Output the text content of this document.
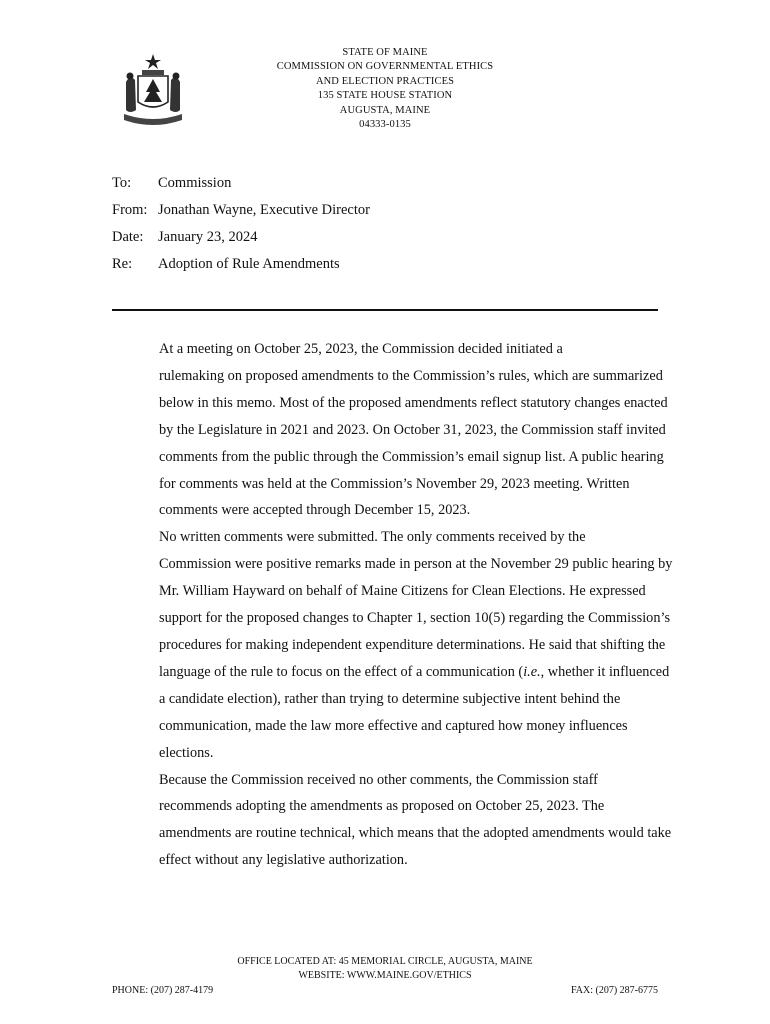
STATE OF MAINE
COMMISSION ON GOVERNMENTAL ETHICS
AND ELECTION PRACTICES
135 STATE HOUSE STATION
AUGUSTA, MAINE
04333-0135
To: Commission
From: Jonathan Wayne, Executive Director
Date: January 23, 2024
Re: Adoption of Rule Amendments

At a meeting on October 25, 2023, the Commission decided initiated a
rulemaking on proposed amendments to the Commission’s rules, which are summarized
below in this memo. Most of the proposed amendments reflect statutory changes enacted
by the Legislature in 2021 and 2023. On October 31, 2023, the Commission staff invited
comments from the public through the Commission’s email signup list. A public hearing
for comments was held at the Commission’s November 29, 2023 meeting. Written
comments were accepted through December 15, 2023.

No written comments were submitted. The only comments received by the
Commission were positive remarks made in person at the November 29 public hearing by
Mr. William Hayward on behalf of Maine Citizens for Clean Elections. He expressed
support for the proposed changes to Chapter 1, section 10(5) regarding the Commission’s
procedures for making independent expenditure determinations. He said that shifting the
language of the rule to focus on the effect of a communication (i.e., whether it influenced
a candidate election), rather than trying to determine subjective intent behind the
communication, made the law more effective and captured how money influences
elections.

Because the Commission received no other comments, the Commission staff
recommends adopting the amendments as proposed on October 25, 2023. The
amendments are routine technical, which means that the adopted amendments would take
effect without any legislative authorization.

OFFICE LOCATED AT: 45 MEMORIAL CIRCLE, AUGUSTA, MAINE
WEBSITE: WWW.MAINE.GOV/ETHICS
PHONE: (207) 287-4179	FAX: (207) 287-6775
